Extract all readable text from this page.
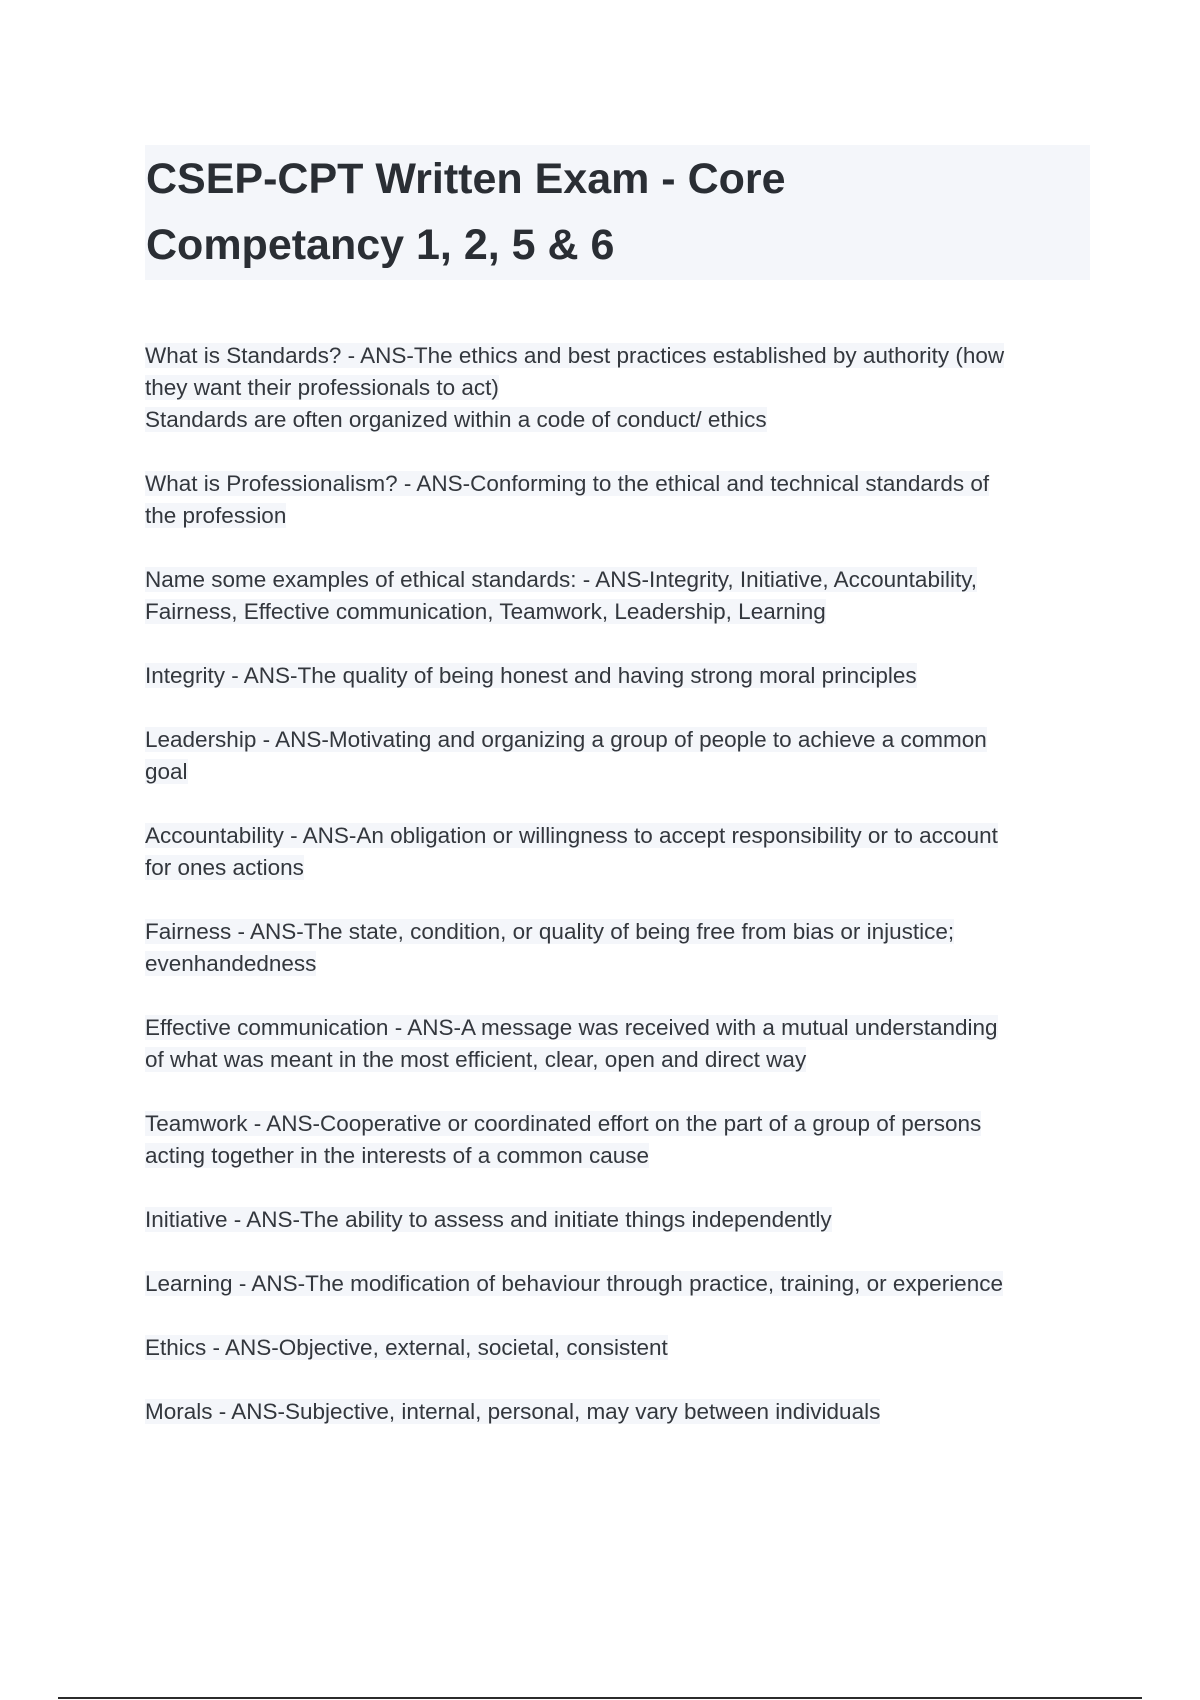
CSEP-CPT Written Exam - Core
Competancy 1, 2, 5 & 6
What is Standards? - ANS-The ethics and best practices established by authority (how
they want their professionals to act)
Standards are often organized within a code of conduct/ ethics
What is Professionalism? - ANS-Conforming to the ethical and technical standards of
the profession
Name some examples of ethical standards: - ANS-Integrity, Initiative, Accountability,
Fairness, Effective communication, Teamwork, Leadership, Learning
Integrity - ANS-The quality of being honest and having strong moral principles
Leadership - ANS-Motivating and organizing a group of people to achieve a common
goal
Accountability - ANS-An obligation or willingness to accept responsibility or to account
for ones actions
Fairness - ANS-The state, condition, or quality of being free from bias or injustice;
evenhandedness
Effective communication - ANS-A message was received with a mutual understanding
of what was meant in the most efficient, clear, open and direct way
Teamwork - ANS-Cooperative or coordinated effort on the part of a group of persons
acting together in the interests of a common cause
Initiative - ANS-The ability to assess and initiate things independently
Learning - ANS-The modification of behaviour through practice, training, or experience
Ethics - ANS-Objective, external, societal, consistent
Morals - ANS-Subjective, internal, personal, may vary between individuals
